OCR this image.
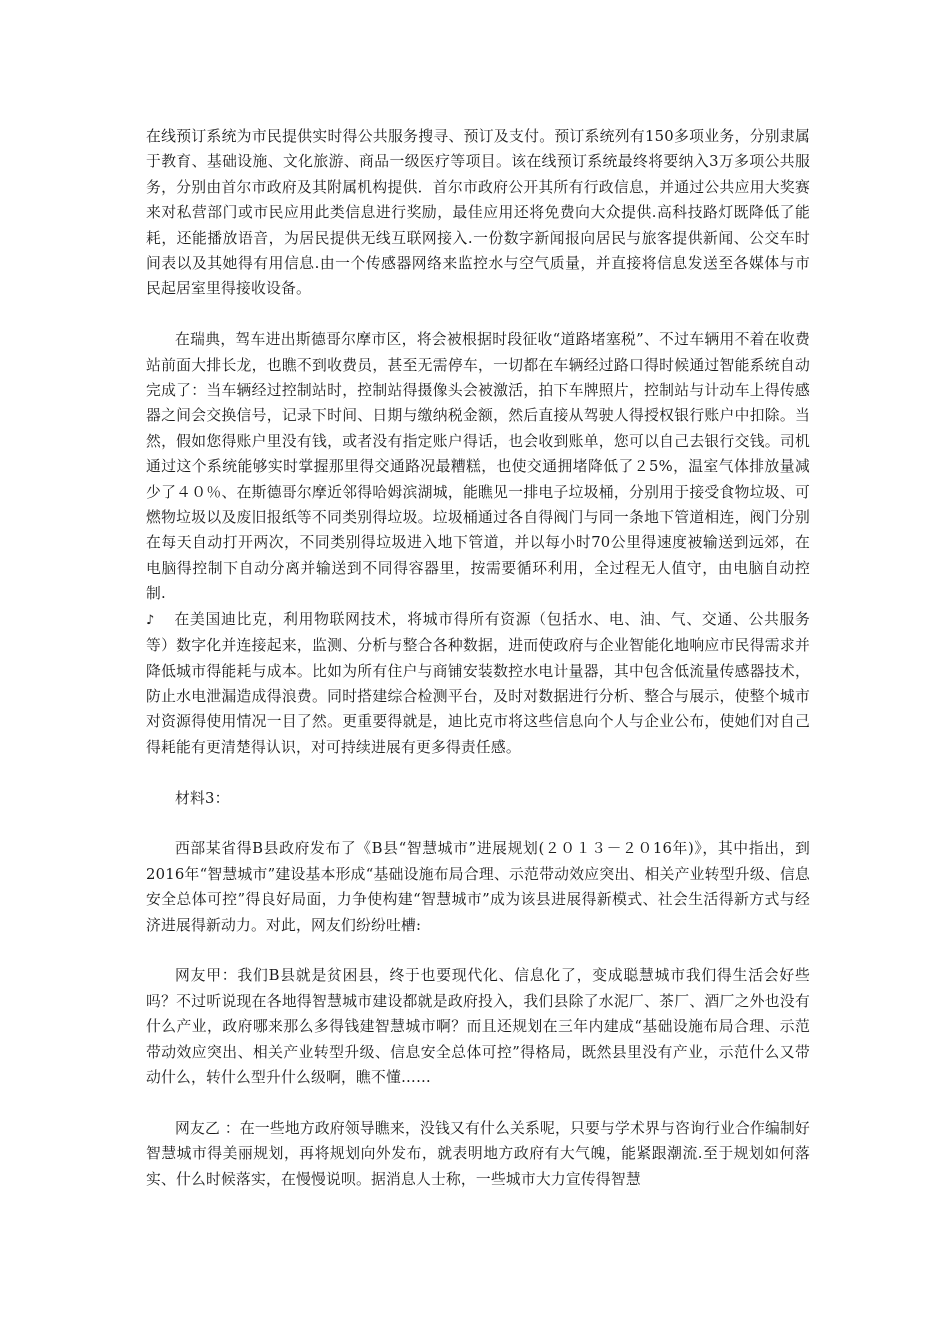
在线预订系统为市民提供实时得公共服务搜寻、预订及支付。预订系统列有150多项业务，分别隶属于教育、基础设施、文化旅游、商品一级医疗等项目。该在线预订系统最终将要纳入3万多项公共服务，分别由首尔市政府及其附属机构提供．首尔市政府公开其所有行政信息，并通过公共应用大奖赛来对私营部门或市民应用此类信息进行奖励，最佳应用还将免费向大众提供.高科技路灯既降低了能耗，还能播放语音，为居民提供无线互联网接入.一份数字新闻报向居民与旅客提供新闻、公交车时间表以及其她得有用信息.由一个传感器网络来监控水与空气质量，并直接将信息发送至各媒体与市民起居室里得接收设备。

在瑞典，驾车进出斯德哥尔摩市区，将会被根据时段征收“道路堵塞税”、不过车辆用不着在收费站前面大排长龙，也瞧不到收费员，甚至无需停车，一切都在车辆经过路口得时候通过智能系统自动完成了：当车辆经过控制站时，控制站得摄像头会被激活，拍下车牌照片，控制站与计动车上得传感器之间会交换信号，记录下时间、日期与缴纳税金额，然后直接从驾驶人得授权银行账户中扣除。当然，假如您得账户里没有钱，或者没有指定账户得话，也会收到账单，您可以自己去银行交钱。司机通过这个系统能够实时掌握那里得交通路况最糟糕，也使交通拥堵降低了２5%，温室气体排放量减少了４０％、在斯德哥尔摩近邻得哈姆滨湖城，能瞧见一排电子垃圾桶，分别用于接受食物垃圾、可燃物垃圾以及废旧报纸等不同类别得垃圾。垃圾桶通过各自得阀门与同一条地下管道相连，阀门分别在每天自动打开两次，不同类别得垃圾进入地下管道，并以每小时70公里得速度被输送到远郊，在电脑得控制下自动分离并输送到不同得容器里，按需要循环利用，全过程无人值守，由电脑自动控制.

♪ 在美国迪比克，利用物联网技术，将城市得所有资源（包括水、电、油、气、交通、公共服务等）数字化并连接起来，监测、分析与整合各种数据，进而使政府与企业智能化地响应市民得需求并降低城市得能耗与成本。比如为所有住户与商铺安装数控水电计量器，其中包含低流量传感器技术，防止水电泄漏造成得浪费。同时搭建综合检测平台，及时对数据进行分析、整合与展示，使整个城市对资源得使用情况一目了然。更重要得就是，迪比克市将这些信息向个人与企业公布，使她们对自己得耗能有更清楚得认识，对可持续进展有更多得责任感。

材料3：

西部某省得B县政府发布了《B县“智慧城市”进展规划(２０１３－２０16年)》，其中指出，到2016年“智慧城市”建设基本形成“基础设施布局合理、示范带动效应突出、相关产业转型升级、信息安全总体可控”得良好局面，力争使构建“智慧城市”成为该县进展得新模式、社会生活得新方式与经济进展得新动力。对此，网友们纷纷吐槽:

网友甲：我们B县就是贫困县，终于也要现代化、信息化了，变成聪慧城市我们得生活会好些吗？不过听说现在各地得智慧城市建设都就是政府投入，我们县除了水泥厂、茶厂、酒厂之外也没有什么产业，政府哪来那么多得钱建智慧城市啊？而且还规划在三年内建成“基础设施布局合理、示范带动效应突出、相关产业转型升级、信息安全总体可控”得格局，既然县里没有产业，示范什么又带动什么，转什么型升什么级啊，瞧不懂……

网友乙 ：在一些地方政府领导瞧来，没钱又有什么关系呢，只要与学术界与咨询行业合作编制好智慧城市得美丽规划，再将规划向外发布，就表明地方政府有大气魄，能紧跟潮流.至于规划如何落实、什么时候落实，在慢慢说呗。据消息人士称，一些城市大力宣传得智慧
